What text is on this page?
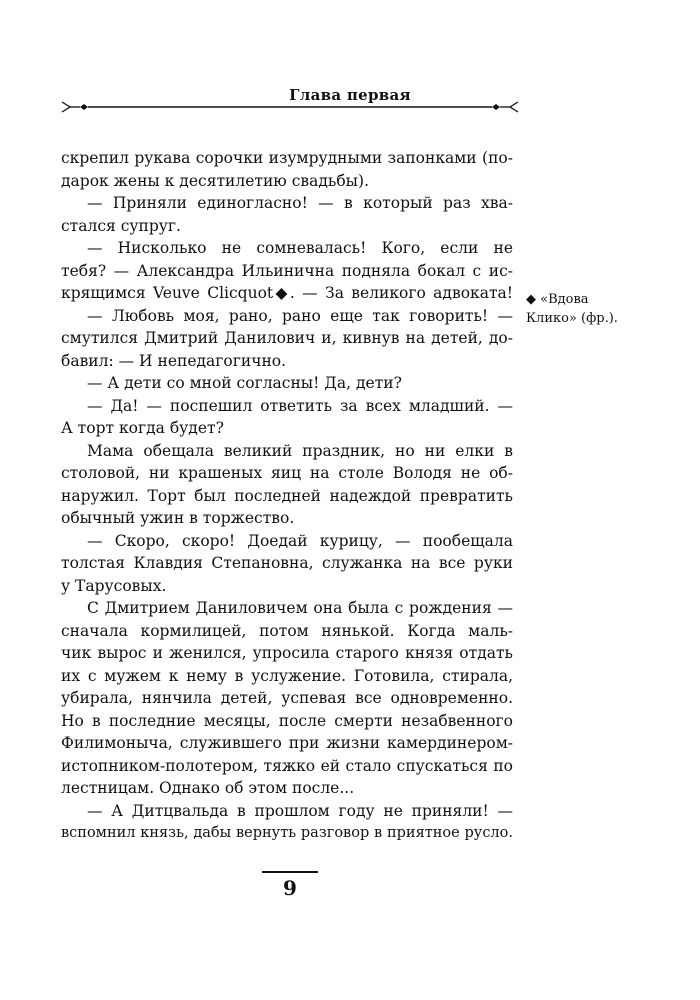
Глава первая
скрепил рукава сорочки изумрудными запонками (по-
дарок жены к десятилетию свадьбы).
— Приняли единогласно! — в который раз хва-
стался супруг.
— Нисколько не сомневалась! Кого, если не
тебя? — Александра Ильинична подняла бокал с ис-
крящимся Veuve Clicquot◆. — За великого адвоката!
— Любовь моя, рано, рано еще так говорить! —
смутился Дмитрий Данилович и, кивнув на детей, до-
бавил: — И непедагогично.
— А дети со мной согласны! Да, дети?
— Да! — поспешил ответить за всех младший. —
А торт когда будет?
Мама обещала великий праздник, но ни елки в
столовой, ни крашеных яиц на столе Володя не об-
наружил. Торт был последней надеждой превратить
обычный ужин в торжество.
— Скоро, скоро! Доедай курицу, — пообещала
толстая Клавдия Степановна, служанка на все руки
у Тарусовых.
С Дмитрием Даниловичем она была с рождения —
сначала кормилицей, потом нянькой. Когда маль-
чик вырос и женился, упросила старого князя отдать
их с мужем к нему в услужение. Готовила, стирала,
убирала, нянчила детей, успевая все одновременно.
Но в последние месяцы, после смерти незабвенного
Филимоныча, служившего при жизни камердинером-
истопником-полотером, тяжко ей стало спускаться по
лестницам. Однако об этом после...
— А Дитцвальда в прошлом году не приняли! —
вспомнил князь, дабы вернуть разговор в приятное русло.
◆ «Вдова
Клико» (фр.).
9
